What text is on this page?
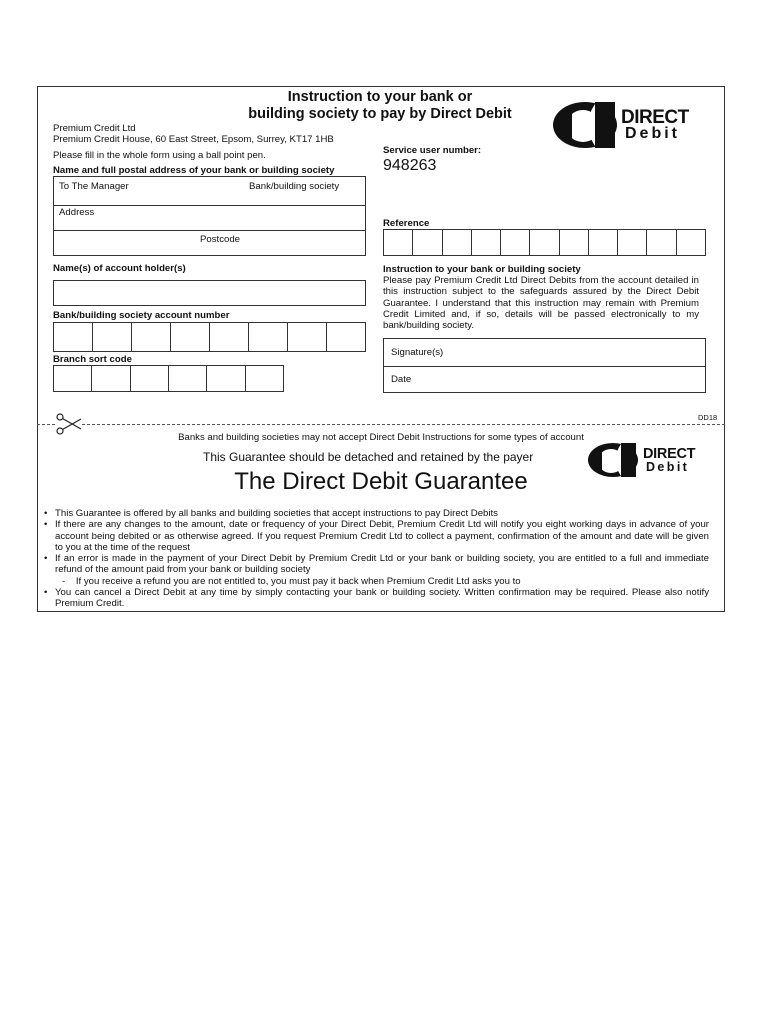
Instruction to your bank or
building society to pay by Direct Debit	DIRECT
Debit
Premium Credit Ltd
Premium Credit House, 60 East Street, Epsom, Surrey, KT17 1HB
Please fill in the whole form using a ball point pen.
Name and full postal address of your bank or building society
To The Manager	Bank/building society
Address
Postcode
Name(s) of account holder(s)
Bank/building society account number
Branch sort code
Service user number:
948263
Reference
Instruction to your bank or building society
Please pay Premium Credit Ltd Direct Debits from the account detailed in this instruction subject to the safeguards assured by the Direct Debit Guarantee. I understand that this instruction may remain with Premium Credit Limited and, if so, details will be passed electronically to my bank/building society.
Signature(s)
Date
DD18
Banks and building societies may not accept Direct Debit Instructions for some types of account
This Guarantee should be detached and retained by the payer	DIRECT
Debit
The Direct Debit Guarantee
• This Guarantee is offered by all banks and building societies that accept instructions to pay Direct Debits
• If there are any changes to the amount, date or frequency of your Direct Debit, Premium Credit Ltd will notify you eight working days in advance of your account being debited or as otherwise agreed. If you request Premium Credit Ltd to collect a payment, confirmation of the amount and date will be given to you at the time of the request
• If an error is made in the payment of your Direct Debit by Premium Credit Ltd or your bank or building society, you are entitled to a full and immediate refund of the amount paid from your bank or building society
-    If you receive a refund you are not entitled to, you must pay it back when Premium Credit Ltd asks you to
• You can cancel a Direct Debit at any time by simply contacting your bank or building society. Written confirmation may be required. Please also notify Premium Credit.
